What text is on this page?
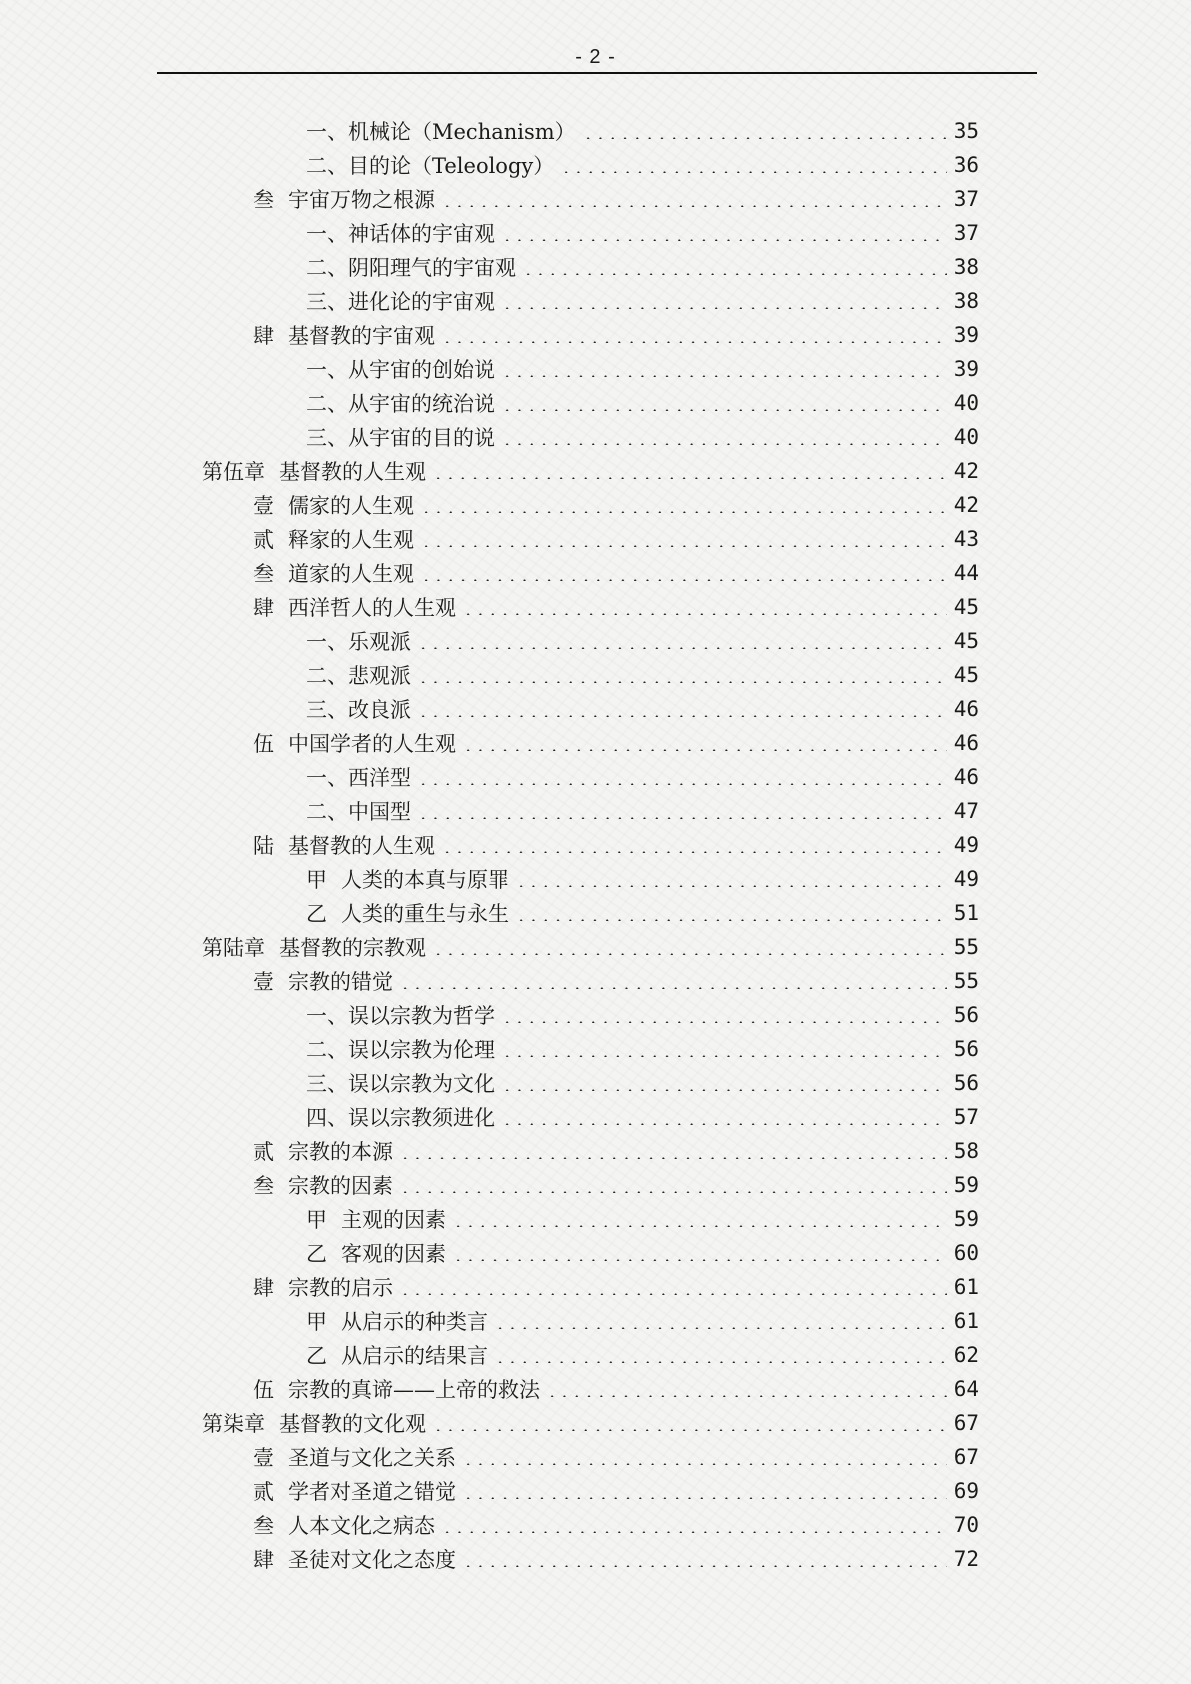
- 2 -
一、 机械论（Mechanism）	35
二、 目的论（Teleology）	36
叁 宇宙万物之根源	37
一、 神话体的宇宙观	37
二、 阴阳理气的宇宙观	38
三、 进化论的宇宙观	38
肆 基督教的宇宙观	39
一、 从宇宙的创始说	39
二、 从宇宙的统治说	40
三、 从宇宙的目的说	40
第伍章 基督教的人生观	42
壹 儒家的人生观	42
贰 释家的人生观	43
叁 道家的人生观	44
肆 西洋哲人的人生观	45
一、 乐观派	45
二、 悲观派	45
三、 改良派	46
伍 中国学者的人生观	46
一、 西洋型	46
二、 中国型	47
陆 基督教的人生观	49
甲 人类的本真与原罪	49
乙 人类的重生与永生	51
第陆章 基督教的宗教观	55
壹 宗教的错觉	55
一、 误以宗教为哲学	56
二、 误以宗教为伦理	56
三、 误以宗教为文化	56
四、 误以宗教须进化	57
贰 宗教的本源	58
叁 宗教的因素	59
甲 主观的因素	59
乙 客观的因素	60
肆 宗教的启示	61
甲 从启示的种类言	61
乙 从启示的结果言	62
伍 宗教的真谛——上帝的救法	64
第柒章 基督教的文化观	67
壹 圣道与文化之关系	67
贰 学者对圣道之错觉	69
叁 人本文化之病态	70
肆 圣徒对文化之态度	72
